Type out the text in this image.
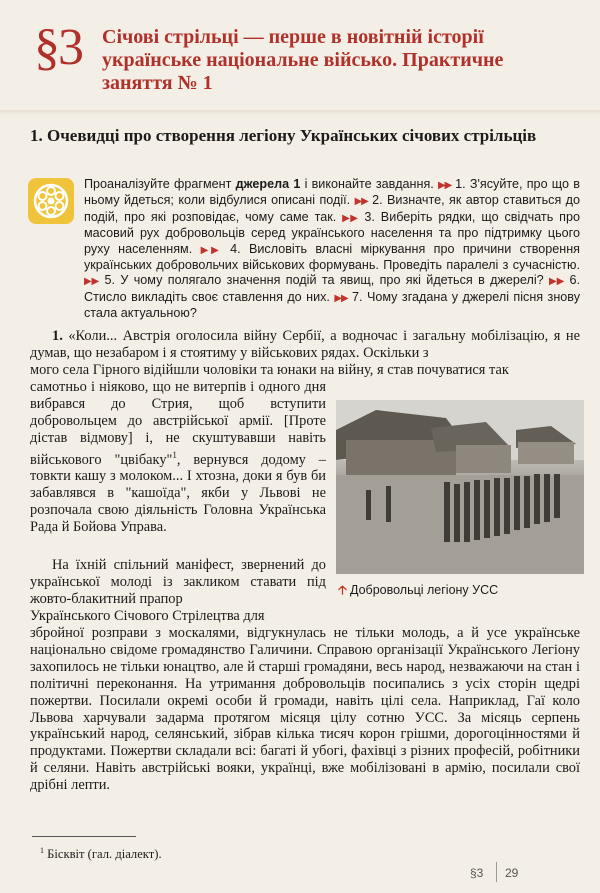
§3 Січові стрільці — перше в новітній історії українське національне військо. Практичне заняття № 1
1. Очевидці про створення легіону Українських січових стрільців
Проаналізуйте фрагмент джерела 1 і виконайте завдання. ▶▶ 1. З'ясуйте, про що в ньому йдеться; коли відбулися описані події. ▶▶ 2. Визначте, як автор ставиться до подій, про які розповідає, чому саме так. ▶▶ 3. Виберіть рядки, що свідчать про масовий рух добровольців серед українського населення та про підтримку цього руху населенням. ▶▶ 4. Висловіть власні міркування про причини створення українських добровольчих військових формувань. Проведіть паралелі з сучасністю. ▶▶ 5. У чому полягало значення подій та явищ, про які йдеться в джерелі? ▶▶ 6. Стисло викладіть своє ставлення до них. ▶▶ 7. Чому згадана у джерелі пісня знову стала актуальною?
1. «Коли... Австрія оголосила війну Сербії, а водночас і загальну мобілізацію, я не думав, що незабаром і я стоятиму у військових рядах. Оскільки з
мого села Гірного відійшли чоловіки та юнаки на війну, я став почуватися так
самотньо і ніяково, що не витерпів і одного дня вибрався до Стрия, щоб вступити добровольцем до австрійської армії. [Проте дістав відмову] і, не скуштувавши навіть військового "цвібаку"$^1$, вернувся додому – товкти кашу з молоком... І хтозна, доки я був би забавлявся в "кашоїда", якби у Львові не розпочала свою діяльність Головна Українська Рада й Бойова Управа.
На їхній спільний маніфест, звернений до української молоді із закликом ставати під жовто-блакитний прапор
Українського Січового Стрілецтва для
збройної розправи з москалями, відгукнулась не тільки молодь, а й усе українське національно свідоме громадянство Галичини. Справою організації Українського Легіону захопилось не тільки юнацтво, але й старші громадяни, весь народ, незважаючи на стан і політичні переконання. На утримання добровольців посипались з усіх сторін щедрі пожертви. Посилали окремі особи й громади, навіть цілі села. Наприклад, Гаї коло Львова харчували задарма протягом місяця цілу сотню УСС. За місяць серпень український народ, селянський, зібрав кілька тисяч корон грішми, дорогоцінностями й продуктами. Пожертви складали всі: багаті й убогі, фахівці з різних професій, робітники й селяни. Навіть австрійські вояки, українці, вже мобілізовані в армію, посилали свої дрібні лепти.
🡡 Добровольці легіону УСС
$^1$ Бісквіт (гал. діалект).
§3 29
